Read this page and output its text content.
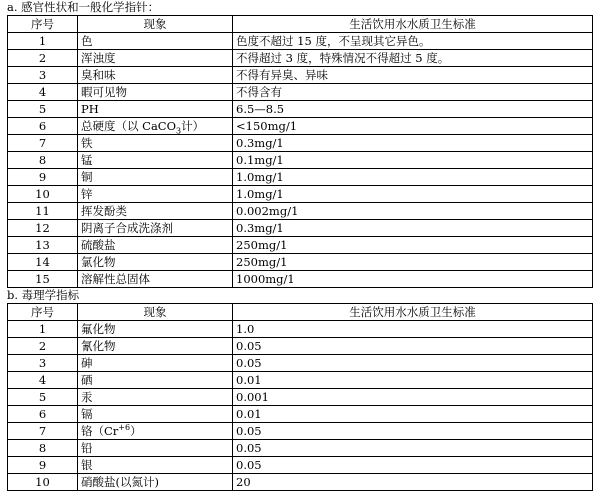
a. 感官性状和一般化学指针：
序号	现象	生活饮用水水质卫生标准
1	色	色度不超过 15 度，不呈现其它异色。
2	浑浊度	不得超过 3 度，特殊情况不得超过 5 度。
3	臭和味	不得有异臭、异味
4	暇可见物	不得含有
5	PH	6.5—8.5
6	总硬度（以 CaCO$_3$计）	<150mg/1
7	铁	0.3mg/1
8	锰	0.1mg/1
9	铜	1.0mg/1
10	锌	1.0mg/1
11	挥发酚类	0.002mg/1
12	阴离子合成洗涤剂	0.3mg/1
13	硫酸盐	250mg/1
14	氯化物	250mg/1
15	溶解性总固体	1000mg/1
b. 毒理学指标
序号	现象	生活饮用水水质卫生标准
1	氟化物	1.0
2	氰化物	0.05
3	砷	0.05
4	硒	0.01
5	汞	0.001
6	镉	0.01
7	铬$(Cr^{+6})$	0.05
8	铅	0.05
9	银	0.05
10	硝酸盐(以氮计)	20
